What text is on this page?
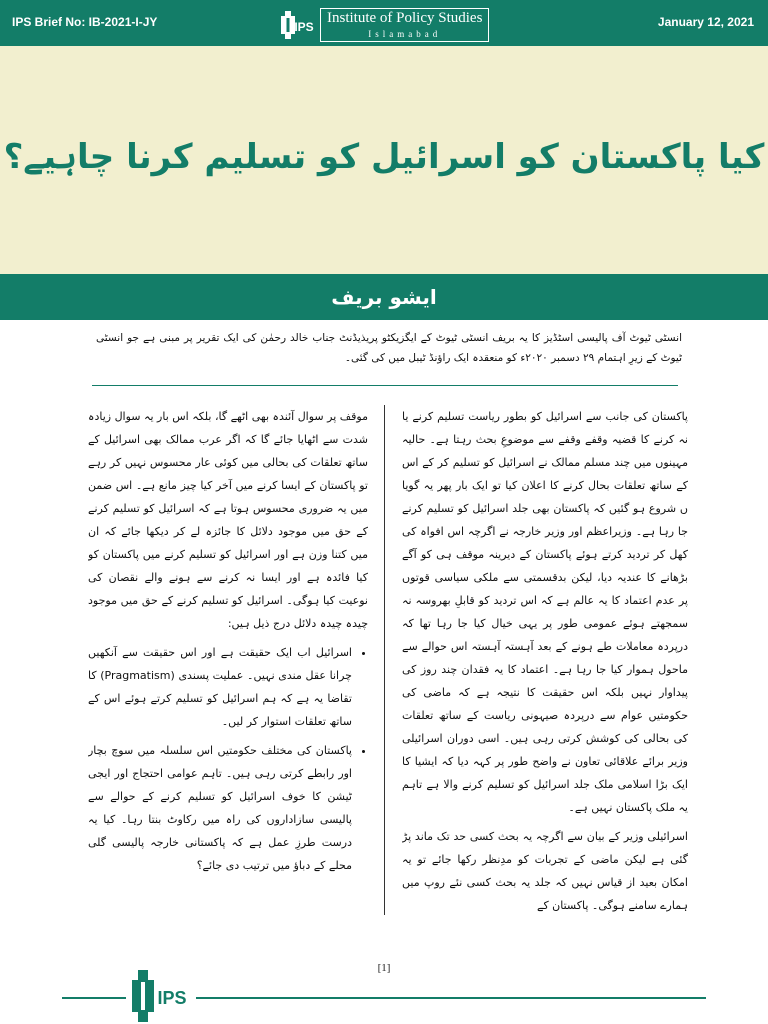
IPS Brief No: IB-2021-I-JY	IPS
Institute of Policy Studies
Islamabad
January 12, 2021
کیا پاکستان کو اسرائیل کو تسلیم کرنا چاہیے؟
ایشو بریف
انسٹی ٹیوٹ آف پالیسی اسٹڈیز کا یہ بریف انسٹی ٹیوٹ کے ایگزیکٹو پریذیڈنٹ جناب خالد رحمٰن کی ایک تقریر پر مبنی ہے جو انسٹی ٹیوٹ کے زیرِ اہتمام ۲۹ دسمبر ۲۰۲۰ء کو منعقدہ ایک راؤنڈ ٹیبل میں کی گئی۔

پاکستان کی جانب سے اسرائیل کو بطور ریاست تسلیم کرنے یا نہ کرنے کا قضیہ وقفے وقفے سے موضوعِ بحث رہتا ہے۔ حالیہ مہینوں میں چند مسلم ممالک نے اسرائیل کو تسلیم کر کے اس کے ساتھ تعلقات بحال کرنے کا اعلان کیا تو ایک بار پھر یہ گویا ں شروع ہو گئیں کہ پاکستان بھی جلد اسرائیل کو تسلیم کرنے جا رہا ہے۔ وزیراعظم اور وزیر خارجہ نے اگرچہ اس افواہ کی کھل کر تردید کرتے ہوئے پاکستان کے دیرینہ موقف ہی کو آگے بڑھانے کا عندیہ دیا، لیکن بدقسمتی سے ملکی سیاسی قوتوں پر عدم اعتماد کا یہ عالم ہے کہ اس تردید کو قابلِ بھروسہ نہ سمجھتے ہوئے عمومی طور پر یہی خیال کیا جا رہا تھا کہ درپردہ معاملات طے ہونے کے بعد آہستہ آہستہ اس حوالے سے ماحول ہموار کیا جا رہا ہے۔ اعتماد کا یہ فقدان چند روز کی پیداوار نہیں بلکہ اس حقیقت کا نتیجہ ہے کہ ماضی کی حکومتیں عوام سے درپردہ صیہونی ریاست کے ساتھ تعلقات کی بحالی کی کوشش کرتی رہی ہیں۔ اسی دوران اسرائیلی وزیر برائے علاقائی تعاون نے واضح طور پر کہہ دیا کہ ایشیا کا ایک بڑا اسلامی ملک جلد اسرائیل کو تسلیم کرنے والا ہے تاہم یہ ملک پاکستان نہیں ہے۔

اسرائیلی وزیر کے بیان سے اگرچہ یہ بحث کسی حد تک ماند پڑ گئی ہے لیکن ماضی کے تجربات کو مدِنظر رکھا جائے تو یہ امکان بعید از قیاس نہیں کہ جلد یہ بحث کسی نئے روپ میں ہمارے سامنے ہوگی۔ پاکستان کے

موقف پر سوال آئندہ بھی اٹھے گا، بلکہ اس بار یہ سوال زیادہ شدت سے اٹھایا جائے گا کہ اگر عرب ممالک بھی اسرائیل کے ساتھ تعلقات کی بحالی میں کوئی عار محسوس نہیں کر رہے تو پاکستان کے ایسا کرنے میں آخر کیا چیز مانع ہے۔ اس ضمن میں یہ ضروری محسوس ہوتا ہے کہ اسرائیل کو تسلیم کرنے کے حق میں موجود دلائل کا جائزہ لے کر دیکھا جائے کہ ان میں کتنا وزن ہے اور اسرائیل کو تسلیم کرنے میں پاکستان کو کیا فائدہ ہے اور ایسا نہ کرنے سے ہونے والے نقصان کی نوعیت کیا ہوگی۔ اسرائیل کو تسلیم کرنے کے حق میں موجود چیدہ چیدہ دلائل درج ذیل ہیں:

• اسرائیل اب ایک حقیقت ہے اور اس حقیقت سے آنکھیں چرانا عقل مندی نہیں۔ عملیت پسندی (Pragmatism) کا تقاضا یہ ہے کہ ہم اسرائیل کو تسلیم کرتے ہوئے اس کے ساتھ تعلقات استوار کر لیں۔
• پاکستان کی مختلف حکومتیں اس سلسلہ میں سوچ بچار اور رابطے کرتی رہی ہیں۔ تاہم عوامی احتجاج اور ایجی ٹیشن کا خوف اسرائیل کو تسلیم کرنے کے حوالے سے پالیسی سازاداروں کی راہ میں رکاوٹ بنتا رہا۔ کیا یہ درست طرزِ عمل ہے کہ پاکستانی خارجہ پالیسی گلی محلے کے دباؤ میں ترتیب دی جائے؟
[1]
IPS
